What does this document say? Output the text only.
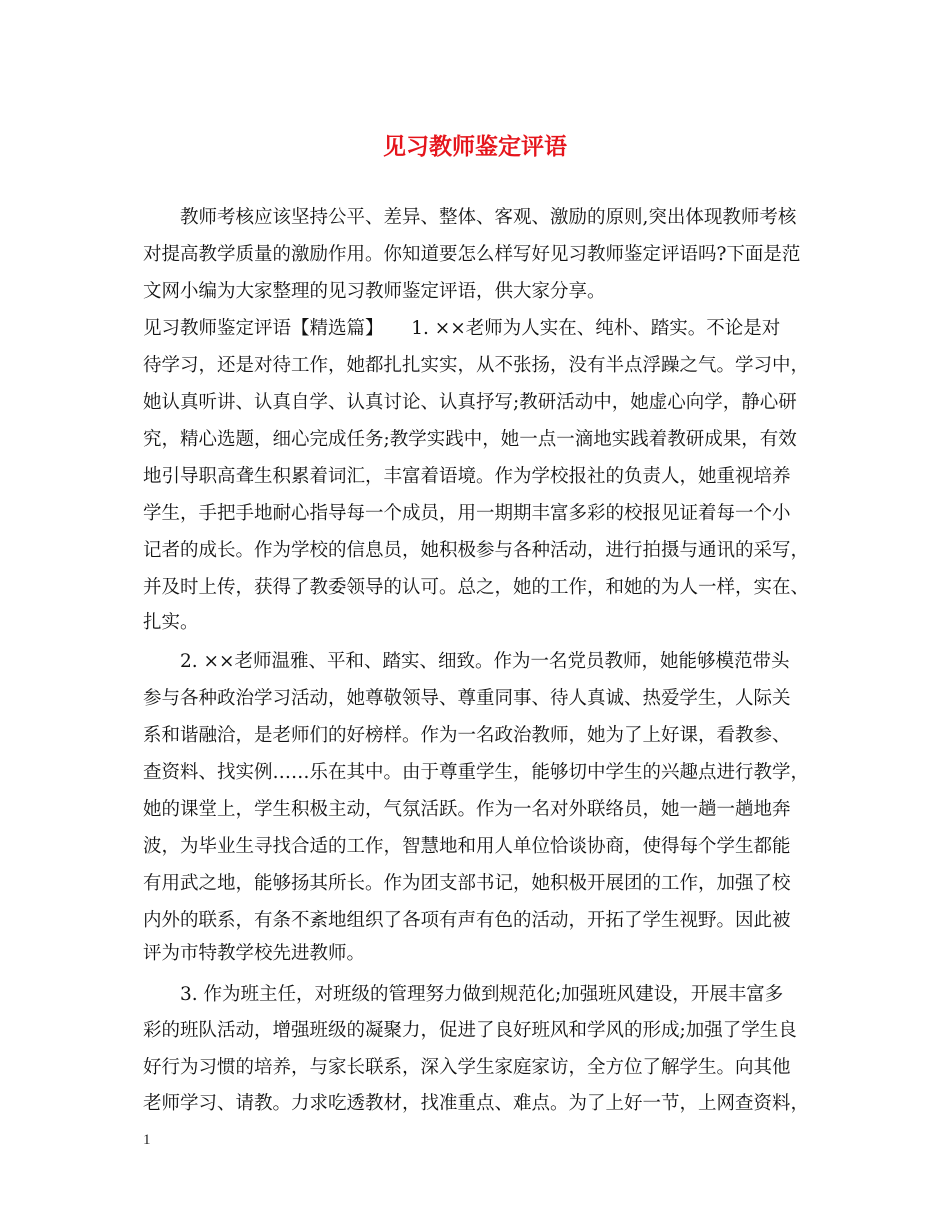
见习教师鉴定评语
教师考核应该坚持公平、差异、整体、客观、激励的原则,突出体现教师考核
对提高教学质量的激励作用。你知道要怎么样写好见习教师鉴定评语吗?下面是范
文网小编为大家整理的见习教师鉴定评语，供大家分享。
见习教师鉴定评语【精选篇】　　1. ××老师为人实在、纯朴、踏实。不论是对
待学习，还是对待工作，她都扎扎实实，从不张扬，没有半点浮躁之气。学习中，
她认真听讲、认真自学、认真讨论、认真抒写;教研活动中，她虚心向学，静心研
究，精心选题，细心完成任务;教学实践中，她一点一滴地实践着教研成果，有效
地引导职高聋生积累着词汇，丰富着语境。作为学校报社的负责人，她重视培养
学生，手把手地耐心指导每一个成员，用一期期丰富多彩的校报见证着每一个小
记者的成长。作为学校的信息员，她积极参与各种活动，进行拍摄与通讯的采写，
并及时上传，获得了教委领导的认可。总之，她的工作，和她的为人一样，实在、
扎实。
2. ××老师温雅、平和、踏实、细致。作为一名党员教师，她能够模范带头
参与各种政治学习活动，她尊敬领导、尊重同事、待人真诚、热爱学生，人际关
系和谐融洽，是老师们的好榜样。作为一名政治教师，她为了上好课，看教参、
查资料、找实例……乐在其中。由于尊重学生，能够切中学生的兴趣点进行教学，
她的课堂上，学生积极主动，气氛活跃。作为一名对外联络员，她一趟一趟地奔
波，为毕业生寻找合适的工作，智慧地和用人单位恰谈协商，使得每个学生都能
有用武之地，能够扬其所长。作为团支部书记，她积极开展团的工作，加强了校
内外的联系，有条不紊地组织了各项有声有色的活动，开拓了学生视野。因此被
评为市特教学校先进教师。
3. 作为班主任，对班级的管理努力做到规范化;加强班风建设，开展丰富多
彩的班队活动，增强班级的凝聚力，促进了良好班风和学风的形成;加强了学生良
好行为习惯的培养，与家长联系，深入学生家庭家访，全方位了解学生。向其他
老师学习、请教。力求吃透教材，找准重点、难点。为了上好一节，上网查资料，
1
